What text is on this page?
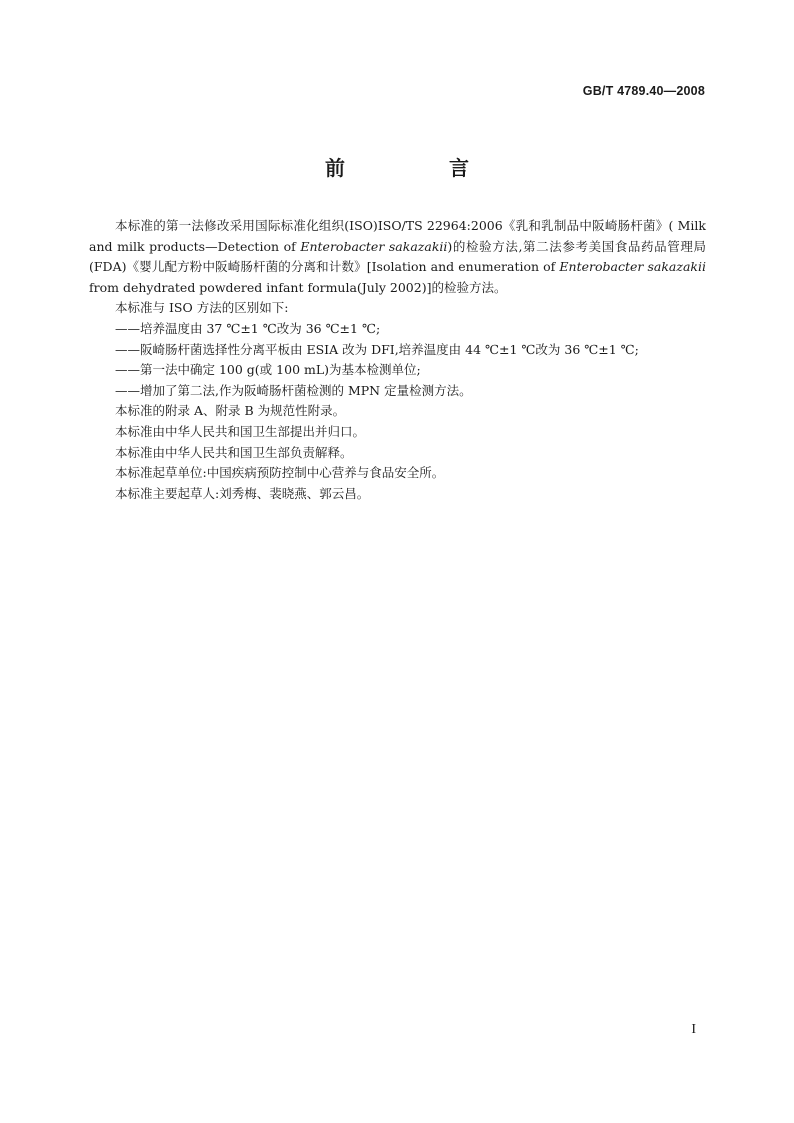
GB/T 4789.40—2008
前　言

本标准的第一法修改采用国际标准化组织(ISO)ISO/TS 22964:2006《乳和乳制品中阪崎肠杆菌》( Milk and milk products—Detection of Enterobacter sakazakii)的检验方法,第二法参考美国食品药品管理局(FDA)《婴儿配方粉中阪崎肠杆菌的分离和计数》[Isolation and enumeration of Enterobacter sakazakii from dehydrated powdered infant formula(July 2002)]的检验方法。

本标准与 ISO 方法的区别如下:

——培养温度由 37 ℃±1 ℃改为 36 ℃±1 ℃;

——阪崎肠杆菌选择性分离平板由 ESIA 改为 DFI,培养温度由 44 ℃±1 ℃改为 36 ℃±1 ℃;

——第一法中确定 100 g(或 100 mL)为基本检测单位;

——增加了第二法,作为阪崎肠杆菌检测的 MPN 定量检测方法。

本标准的附录 A、附录 B 为规范性附录。

本标准由中华人民共和国卫生部提出并归口。

本标准由中华人民共和国卫生部负责解释。

本标准起草单位:中国疾病预防控制中心营养与食品安全所。

本标准主要起草人:刘秀梅、裴晓燕、郭云昌。

I
